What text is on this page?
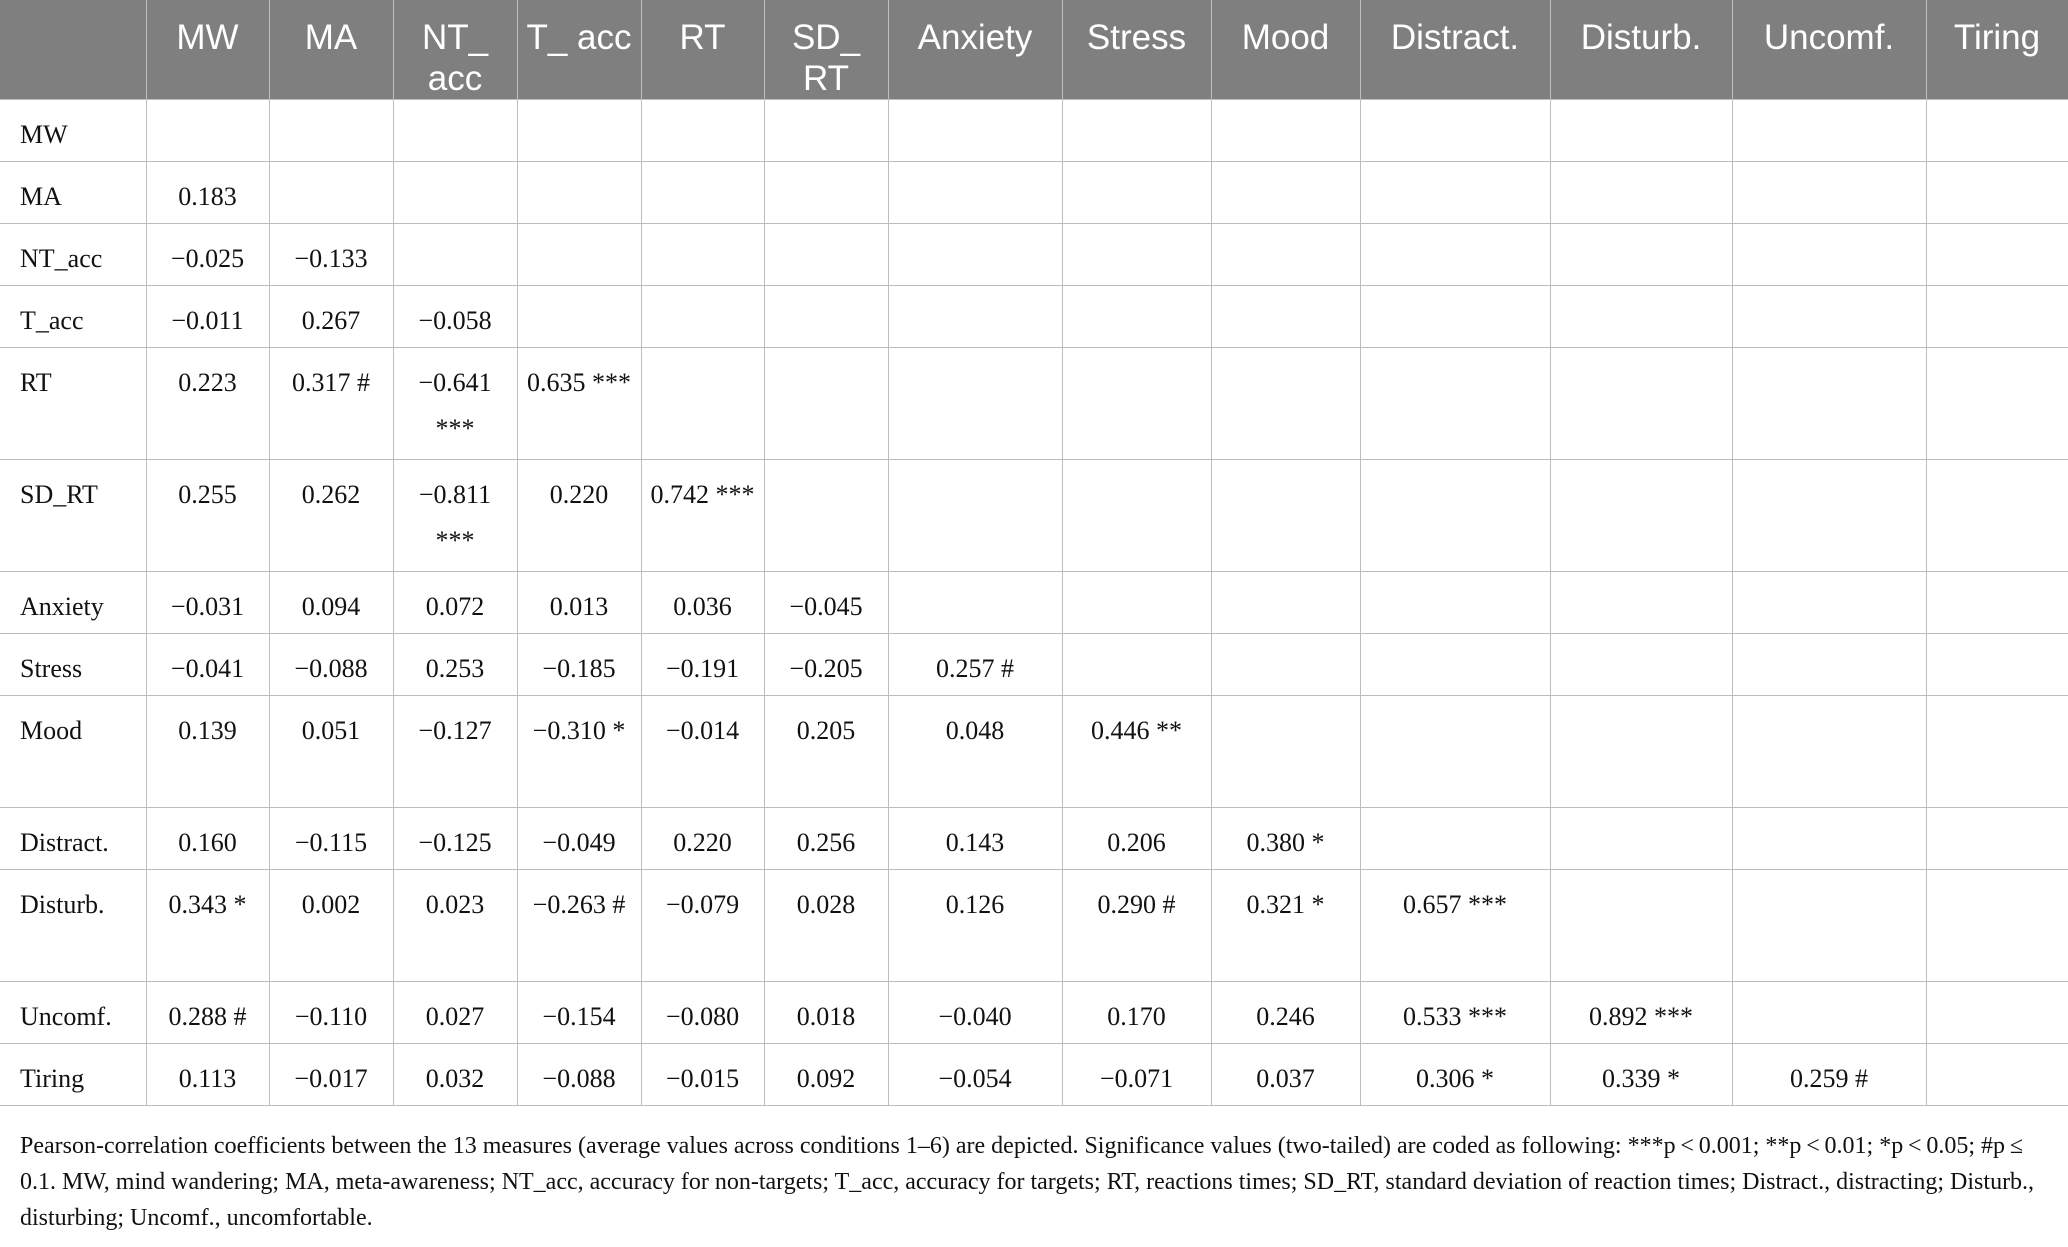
	MW	MA	NT_ acc	T_ acc	RT	SD_ RT	Anxiety	Stress	Mood	Distract.	Disturb.	Uncomf.	Tiring
MW													
MA	0.183												
NT_acc	−0.025	−0.133											
T_acc	−0.011	0.267	−0.058										
RT	0.223	0.317 #	−0.641 ***	0.635 ***									
SD_RT	0.255	0.262	−0.811 ***	0.220	0.742 ***								
Anxiety	−0.031	0.094	0.072	0.013	0.036	−0.045							
Stress	−0.041	−0.088	0.253	−0.185	−0.191	−0.205	0.257 #						
Mood	0.139	0.051	−0.127	−0.310 *	−0.014	0.205	0.048	0.446 **					
Distract.	0.160	−0.115	−0.125	−0.049	0.220	0.256	0.143	0.206	0.380 *				
Disturb.	0.343 *	0.002	0.023	−0.263 #	−0.079	0.028	0.126	0.290 #	0.321 *	0.657 ***			
Uncomf.	0.288 #	−0.110	0.027	−0.154	−0.080	0.018	−0.040	0.170	0.246	0.533 ***	0.892 ***		
Tiring	0.113	−0.017	0.032	−0.088	−0.015	0.092	−0.054	−0.071	0.037	0.306 *	0.339 *	0.259 #	
Pearson-correlation coefficients between the 13 measures (average values across conditions 1–6) are depicted. Significance values (two-tailed) are coded as following: ***p < 0.001; **p < 0.01; *p < 0.05; #p ≤ 0.1. MW, mind wandering; MA, meta-awareness; NT_acc, accuracy for non-targets; T_acc, accuracy for targets; RT, reactions times; SD_RT, standard deviation of reaction times; Distract., distracting; Disturb., disturbing; Uncomf., uncomfortable.
